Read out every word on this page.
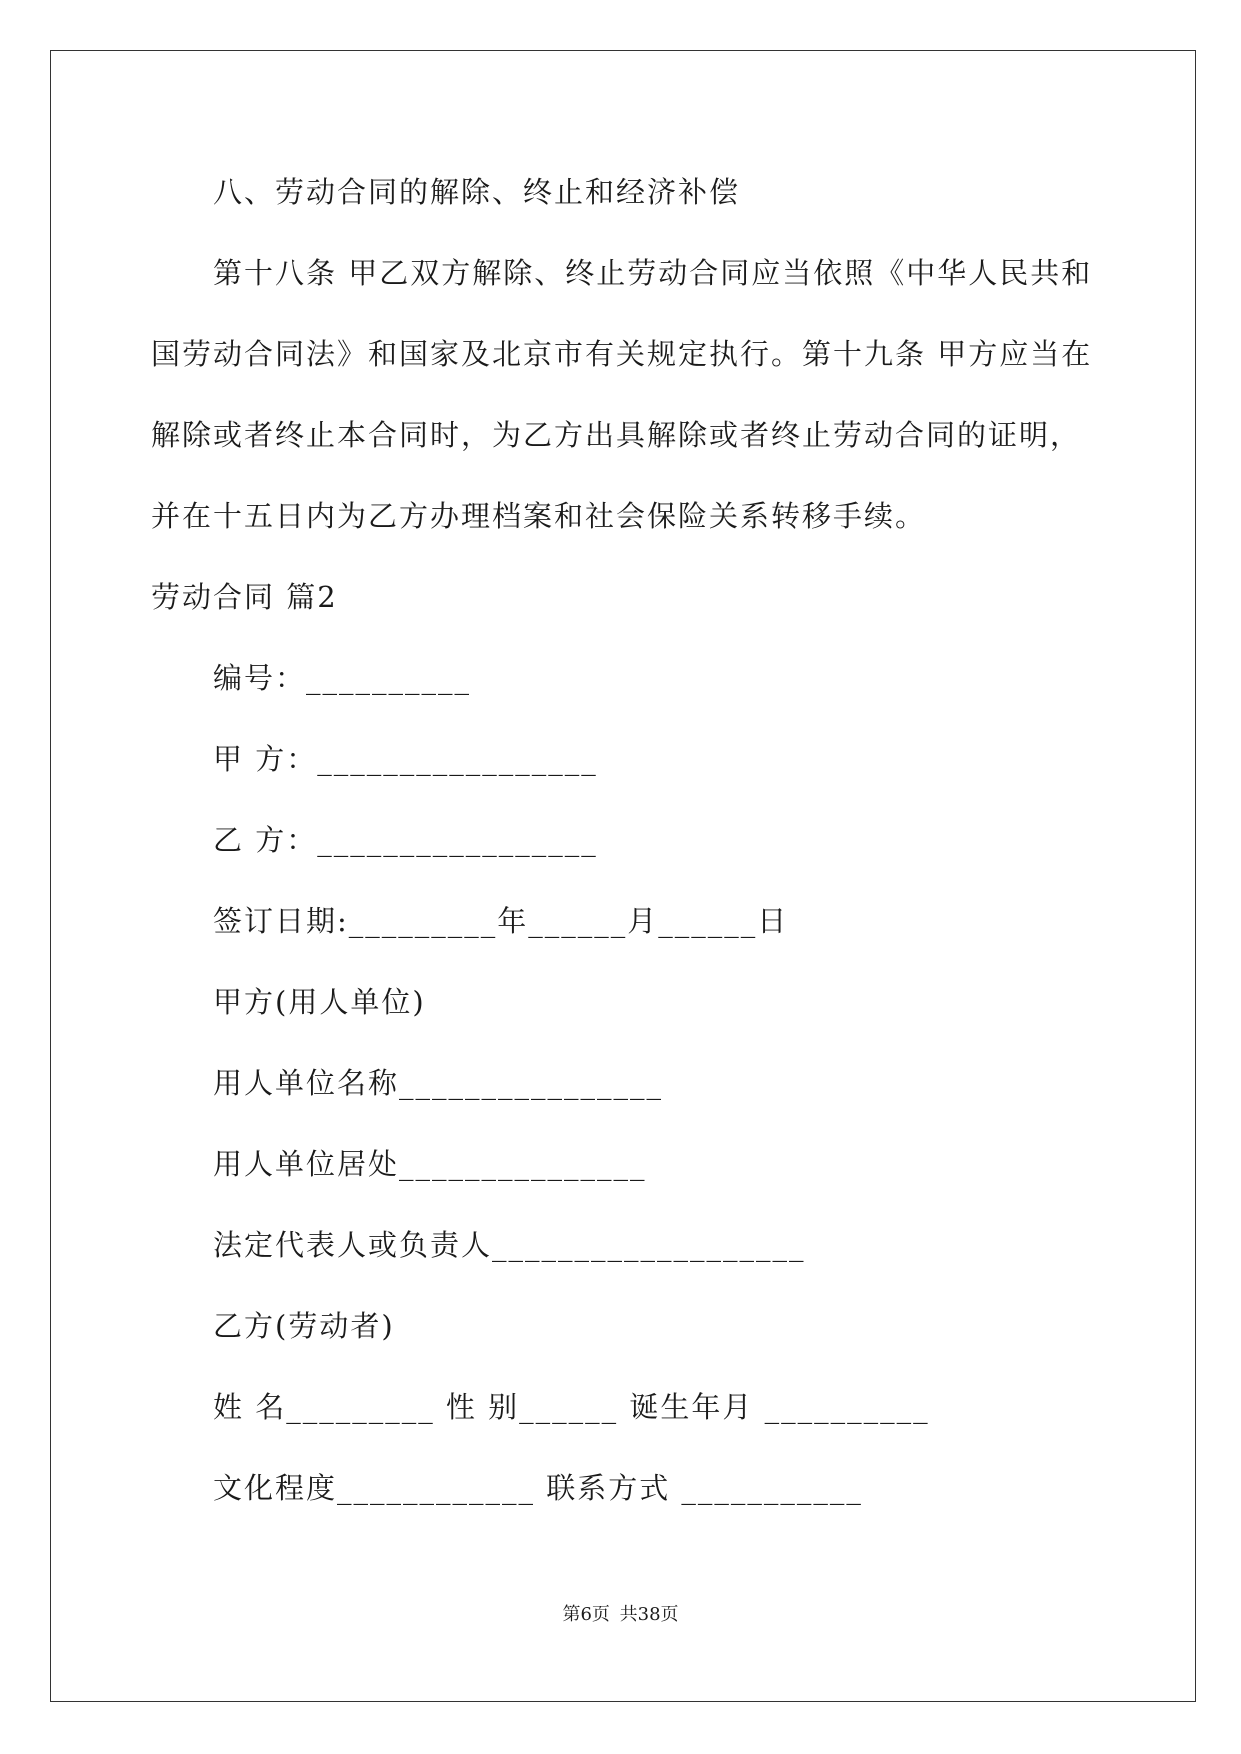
八、劳动合同的解除、终止和经济补偿
第十八条 甲乙双方解除、终止劳动合同应当依照《中华人民共和
国劳动合同法》和国家及北京市有关规定执行。第十九条 甲方应当在
解除或者终止本合同时，为乙方出具解除或者终止劳动合同的证明，
并在十五日内为乙方办理档案和社会保险关系转移手续。
劳动合同 篇2
编号：__________
甲 方：_________________
乙 方：_________________
签订日期:_________年______月______日
甲方(用人单位)
用人单位名称________________
用人单位居处_______________
法定代表人或负责人___________________
乙方(劳动者)
姓 名_________ 性 别______ 诞生年月 __________
文化程度____________ 联系方式 ___________
第6页 共38页
